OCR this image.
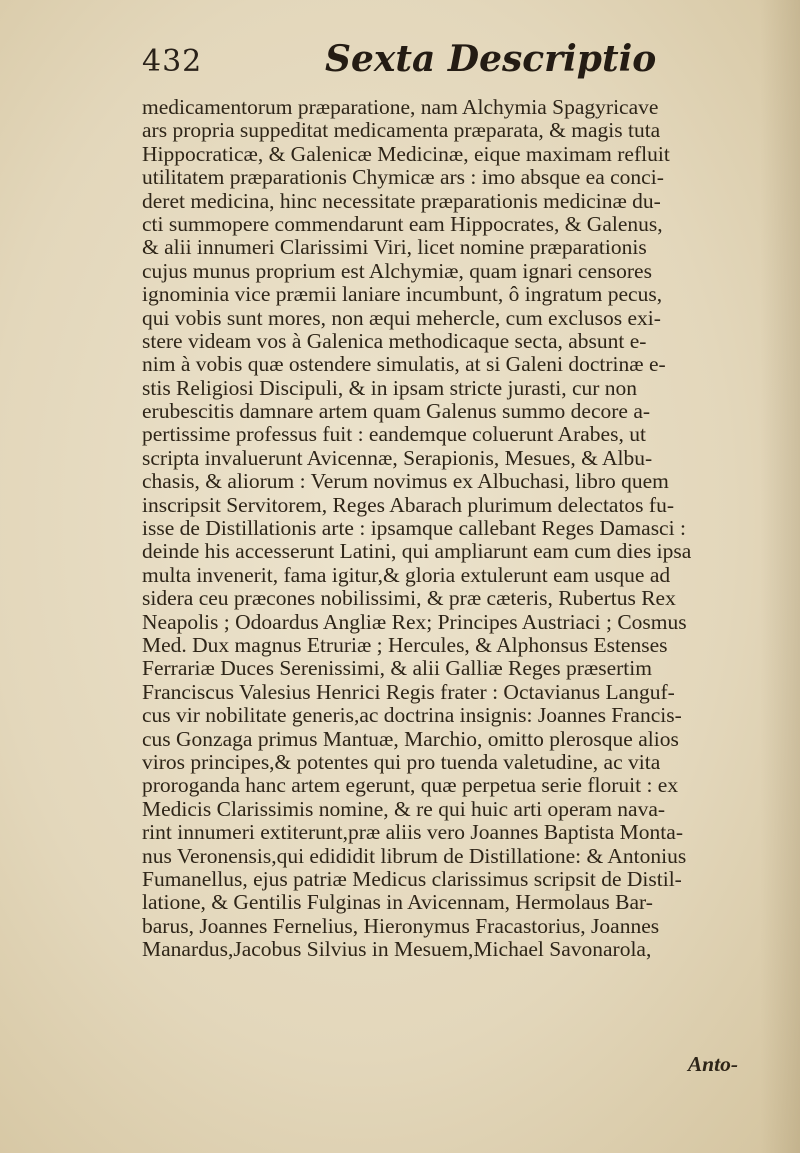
432	Sexta Descriptio
medicamentorum præparatione, nam Alchymia Spagyricave
ars propria suppeditat medicamenta præparata, & magis tuta
Hippocraticæ, & Galenicæ Medicinæ, eique maximam refluit
utilitatem præparationis Chymicæ ars : imo absque ea conci-
deret medicina, hinc necessitate præparationis medicinæ du-
cti summopere commendarunt eam Hippocrates, & Galenus,
& alii innumeri Clarissimi Viri, licet nomine præparationis
cujus munus proprium est Alchymiæ, quam ignari censores
ignominia vice præmii laniare incumbunt, ô ingratum pecus,
qui vobis sunt mores, non æqui mehercle, cum exclusos exi-
stere videam vos à Galenica methodicaque secta, absunt e-
nim à vobis quæ ostendere simulatis, at si Galeni doctrinæ e-
stis Religiosi Discipuli, & in ipsam stricte jurasti, cur non
erubescitis damnare artem quam Galenus summo decore a-
pertissime professus fuit : eandemque coluerunt Arabes, ut
scripta invaluerunt Avicennæ, Serapionis, Mesues, & Albu-
chasis, & aliorum : Verum novimus ex Albuchasi, libro quem
inscripsit Servitorem, Reges Abarach plurimum delectatos fu-
isse de Distillationis arte : ipsamque callebant Reges Damasci :
deinde his accesserunt Latini, qui ampliarunt eam cum dies ipsa
multa invenerit, fama igitur,& gloria extulerunt eam usque ad
sidera ceu præcones nobilissimi, & præ cæteris, Rubertus Rex
Neapolis ; Odoardus Angliæ Rex; Principes Austriaci ; Cosmus
Med. Dux magnus Etruriæ ; Hercules, & Alphonsus Estenses
Ferrariæ Duces Serenissimi, & alii Galliæ Reges præsertim
Franciscus Valesius Henrici Regis frater : Octavianus Languf-
cus vir nobilitate generis,ac doctrina insignis: Joannes Francis-
cus Gonzaga primus Mantuæ, Marchio, omitto plerosque alios
viros principes,& potentes qui pro tuenda valetudine, ac vita
proroganda hanc artem egerunt, quæ perpetua serie floruit : ex
Medicis Clarissimis nomine, & re qui huic arti operam nava-
rint innumeri extiterunt,præ aliis vero Joannes Baptista Monta-
nus Veronensis,qui edididit librum de Distillatione: & Antonius
Fumanellus, ejus patriæ Medicus clarissimus scripsit de Distil-
latione, & Gentilis Fulginas in Avicennam, Hermolaus Bar-
barus, Joannes Fernelius, Hieronymus Fracastorius, Joannes
Manardus,Jacobus Silvius in Mesuem,Michael Savonarola,
Anto-
